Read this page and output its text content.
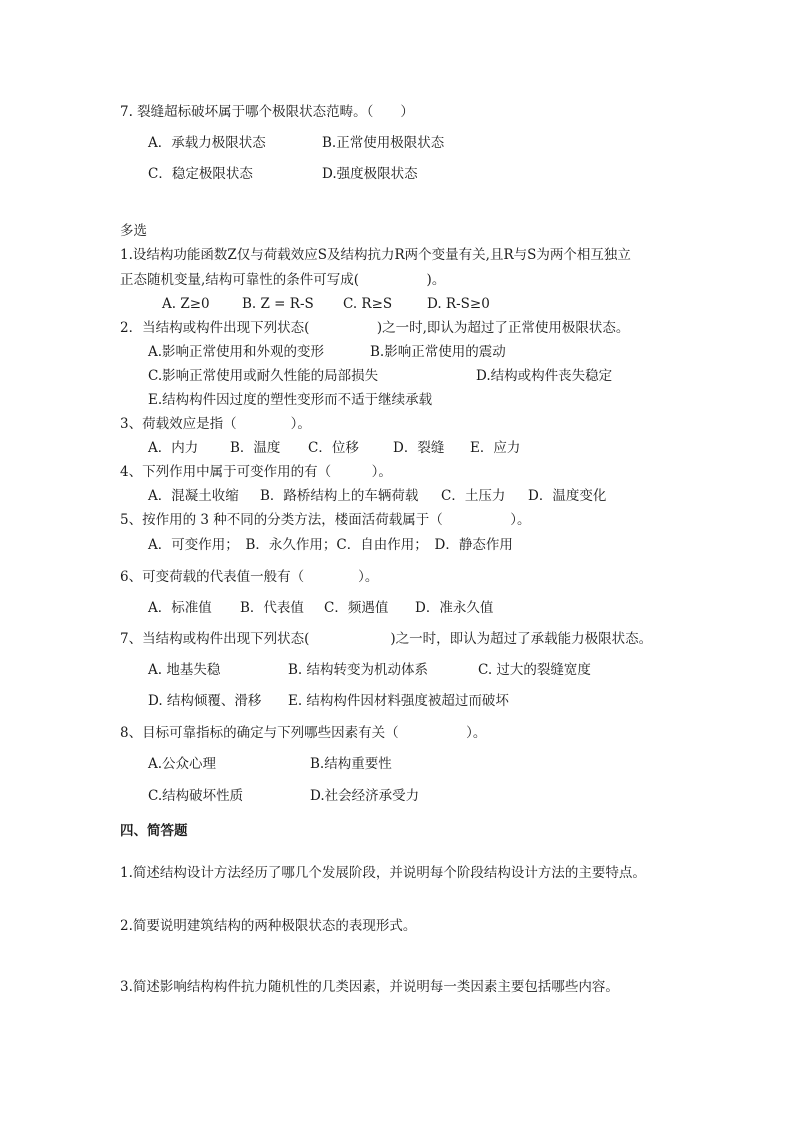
7. 裂缝超标破坏属于哪个极限状态范畴。（　　）
A．承载力极限状态	B.正常使用极限状态
C．稳定极限状态	D.强度极限状态
多选
1.设结构功能函数Z仅与荷载效应S及结构抗力R两个变量有关,且R与S为两个相互独立
正态随机变量,结构可靠性的条件可写成(　　　　　)。
A. Z≥0 B. Z = R-S C. R≥S	D. R-S≥0
2．当结构或构件出现下列状态(　　　　　)之一时,即认为超过了正常使用极限状态。
A.影响正常使用和外观的变形	B.影响正常使用的震动
C.影响正常使用或耐久性能的局部损失	D.结构或构件丧失稳定
E.结构构件因过度的塑性变形而不适于继续承载
3、荷载效应是指（　　　　）。
A．内力 B．温度 C．位移	D．裂缝 E．应力
4、下列作用中属于可变作用的有（　　　）。
A．混凝土收缩 B．路桥结构上的车辆荷载 C．土压力 D．温度变化
5、按作用的 3 种不同的分类方法，楼面活荷载属于（　　　　　）。
A．可变作用；　B．永久作用；C．自由作用；　D．静态作用
6、可变荷载的代表值一般有（　　　　）。
A．标准值 B．代表值 C．频遇值 D．准永久值
7、当结构或构件出现下列状态(　　　　　　)之一时，即认为超过了承载能力极限状态。
A. 地基失稳	B. 结构转变为机动体系	C. 过大的裂缝宽度
D. 结构倾覆、滑移 E. 结构构件因材料强度被超过而破坏
8、目标可靠指标的确定与下列哪些因素有关（　　　　　）。
A.公众心理	B.结构重要性
C.结构破坏性质	D.社会经济承受力
四、简答题
1.简述结构设计方法经历了哪几个发展阶段，并说明每个阶段结构设计方法的主要特点。
2.简要说明建筑结构的两种极限状态的表现形式。
3.简述影响结构构件抗力随机性的几类因素，并说明每一类因素主要包括哪些内容。
